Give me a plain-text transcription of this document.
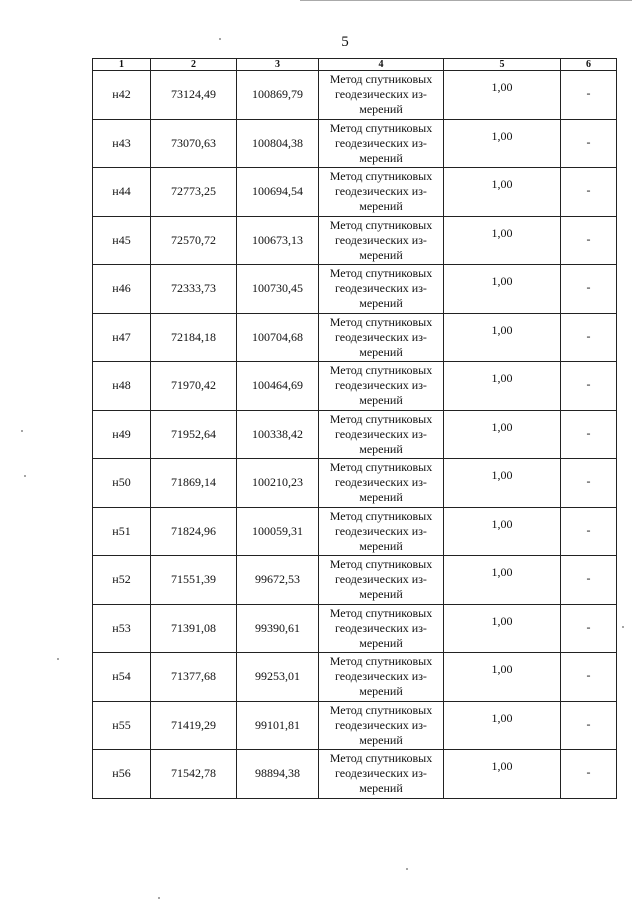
5
1	2	3	4	5	6
н42	73124,49	100869,79	Метод спутниковых
геодезических из-
мерений	1,00	-
н43	73070,63	100804,38	Метод спутниковых
геодезических из-
мерений	1,00	-
н44	72773,25	100694,54	Метод спутниковых
геодезических из-
мерений	1,00	-
н45	72570,72	100673,13	Метод спутниковых
геодезических из-
мерений	1,00	-
н46	72333,73	100730,45	Метод спутниковых
геодезических из-
мерений	1,00	-
н47	72184,18	100704,68	Метод спутниковых
геодезических из-
мерений	1,00	-
н48	71970,42	100464,69	Метод спутниковых
геодезических из-
мерений	1,00	-
н49	71952,64	100338,42	Метод спутниковых
геодезических из-
мерений	1,00	-
н50	71869,14	100210,23	Метод спутниковых
геодезических из-
мерений	1,00	-
н51	71824,96	100059,31	Метод спутниковых
геодезических из-
мерений	1,00	-
н52	71551,39	99672,53	Метод спутниковых
геодезических из-
мерений	1,00	-
н53	71391,08	99390,61	Метод спутниковых
геодезических из-
мерений	1,00	-
н54	71377,68	99253,01	Метод спутниковых
геодезических из-
мерений	1,00	-
н55	71419,29	99101,81	Метод спутниковых
геодезических из-
мерений	1,00	-
н56	71542,78	98894,38	Метод спутниковых
геодезических из-
мерений	1,00	-
